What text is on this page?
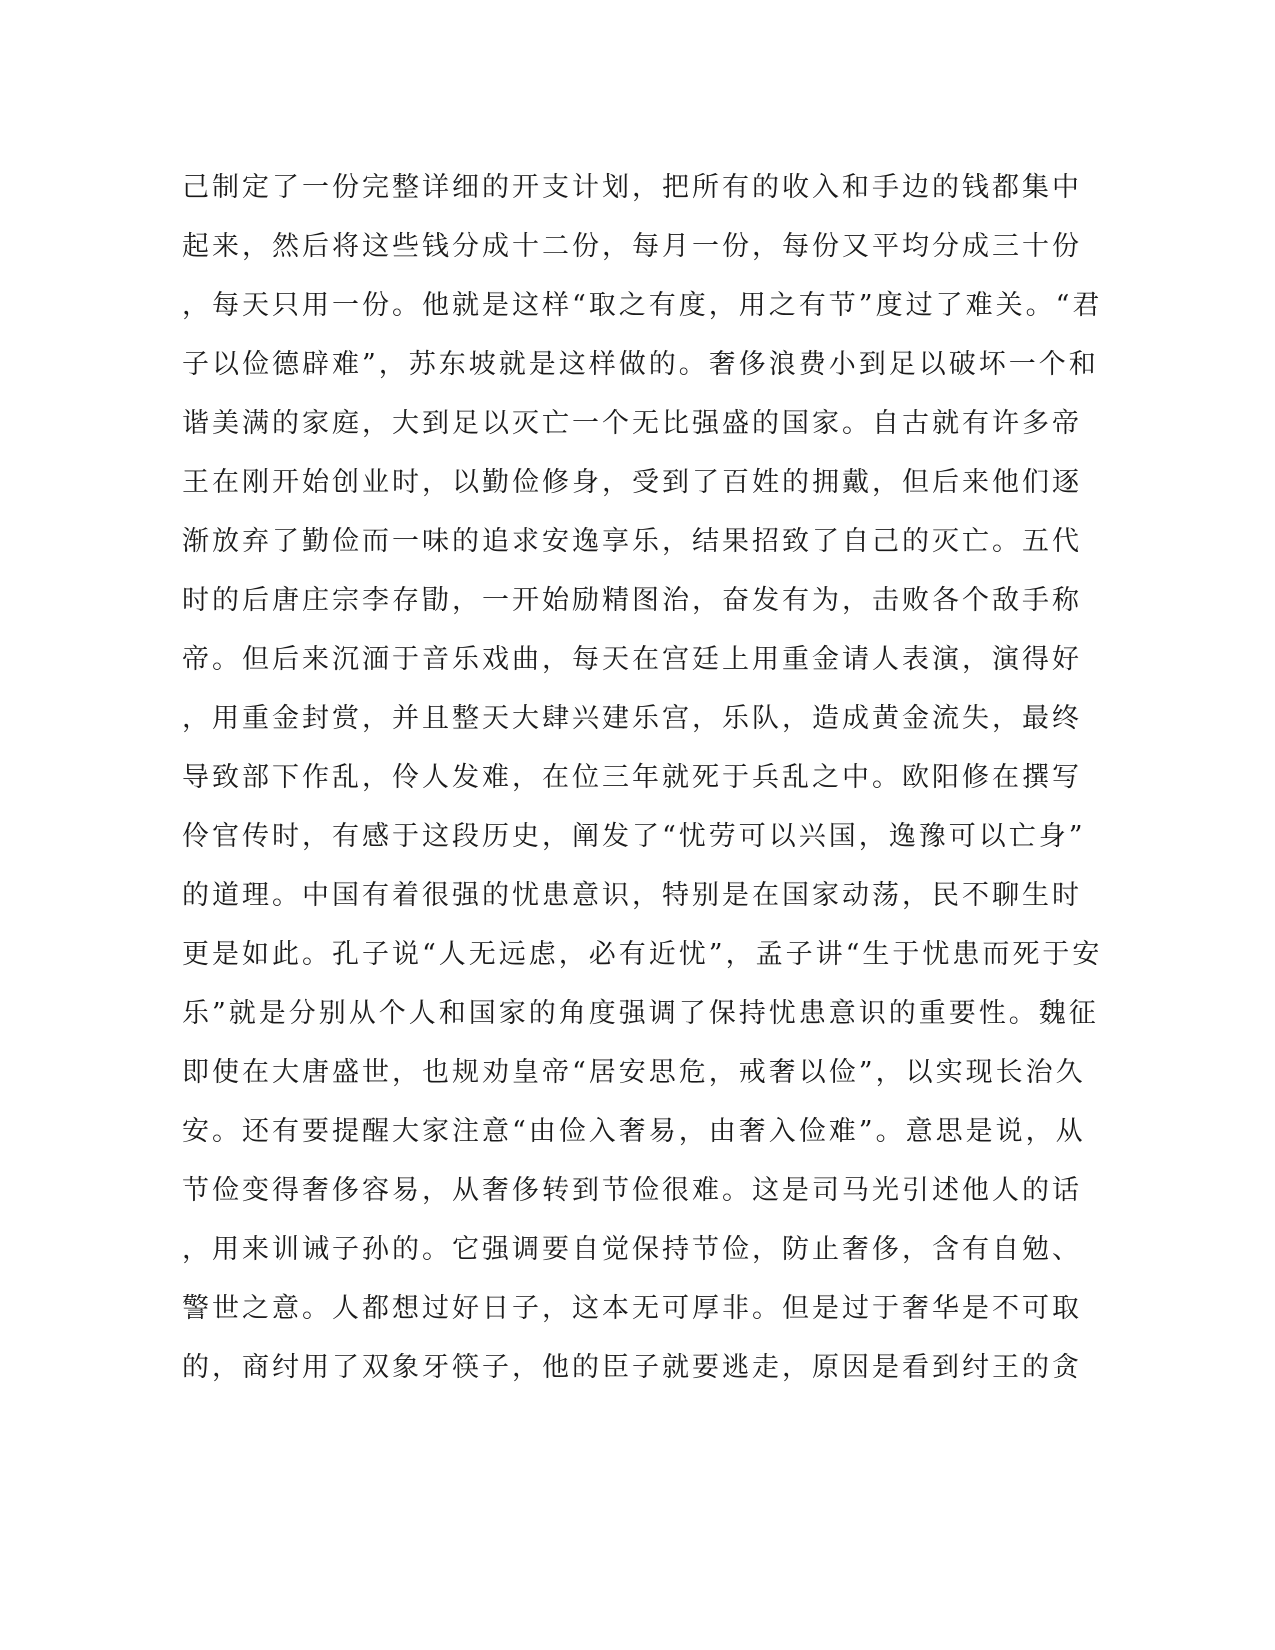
己制定了一份完整详细的开支计划，把所有的收入和手边的钱都集中
起来，然后将这些钱分成十二份，每月一份，每份又平均分成三十份
，每天只用一份。他就是这样“取之有度，用之有节”度过了难关。“君
子以俭德辟难”，苏东坡就是这样做的。奢侈浪费小到足以破坏一个和
谐美满的家庭，大到足以灭亡一个无比强盛的国家。自古就有许多帝
王在刚开始创业时，以勤俭修身，受到了百姓的拥戴，但后来他们逐
渐放弃了勤俭而一味的追求安逸享乐，结果招致了自己的灭亡。五代
时的后唐庄宗李存勖，一开始励精图治，奋发有为，击败各个敌手称
帝。但后来沉湎于音乐戏曲，每天在宫廷上用重金请人表演，演得好
，用重金封赏，并且整天大肆兴建乐宫，乐队，造成黄金流失，最终
导致部下作乱，伶人发难，在位三年就死于兵乱之中。欧阳修在撰写
伶官传时，有感于这段历史，阐发了“忧劳可以兴国，逸豫可以亡身”
的道理。中国有着很强的忧患意识，特别是在国家动荡，民不聊生时
更是如此。孔子说“人无远虑，必有近忧”，孟子讲“生于忧患而死于安
乐”就是分别从个人和国家的角度强调了保持忧患意识的重要性。魏征
即使在大唐盛世，也规劝皇帝“居安思危，戒奢以俭”，以实现长治久
安。还有要提醒大家注意“由俭入奢易，由奢入俭难”。意思是说，从
节俭变得奢侈容易，从奢侈转到节俭很难。这是司马光引述他人的话
，用来训诫子孙的。它强调要自觉保持节俭，防止奢侈，含有自勉、
警世之意。人都想过好日子，这本无可厚非。但是过于奢华是不可取
的，商纣用了双象牙筷子，他的臣子就要逃走，原因是看到纣王的贪
